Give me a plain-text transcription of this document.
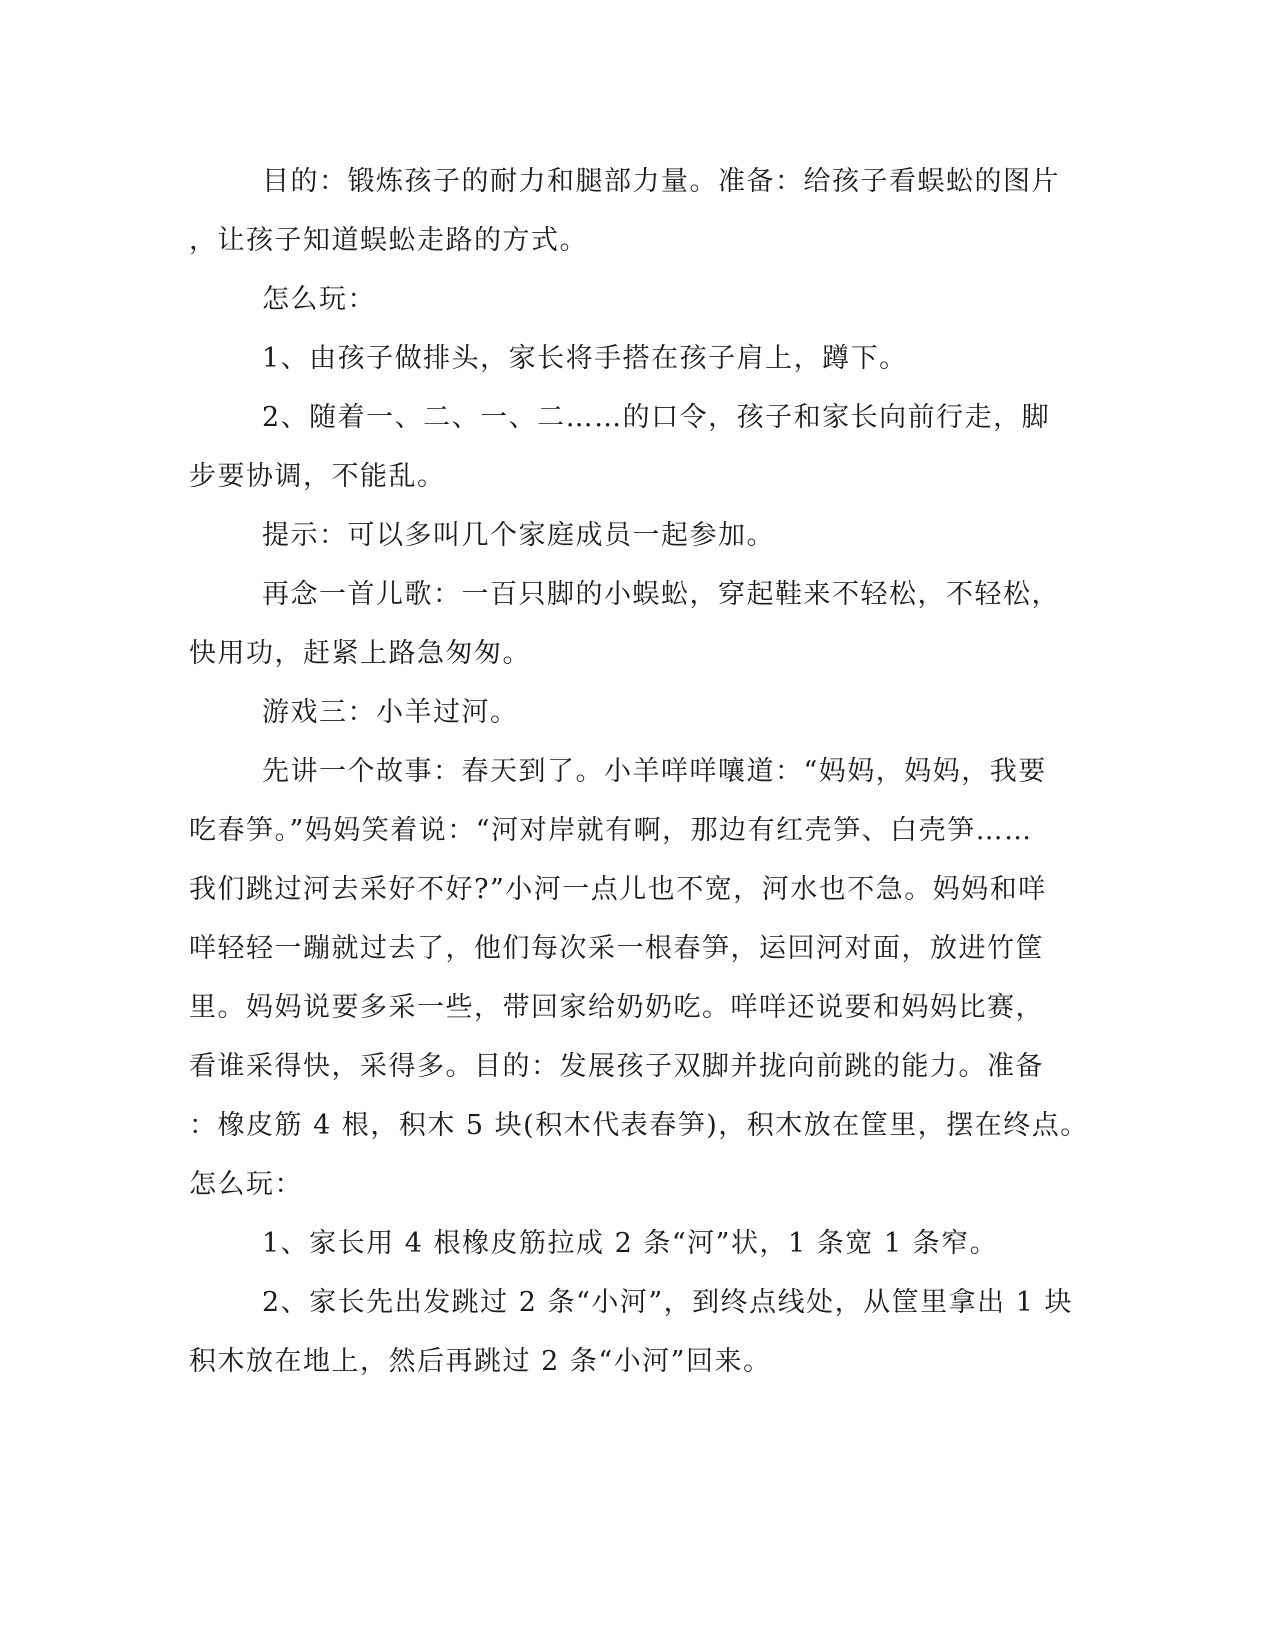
目的：锻炼孩子的耐力和腿部力量。准备：给孩子看蜈蚣的图片
，让孩子知道蜈蚣走路的方式。
怎么玩：
1、由孩子做排头，家长将手搭在孩子肩上，蹲下。
2、随着一、二、一、二……的口令，孩子和家长向前行走，脚
步要协调，不能乱。
提示：可以多叫几个家庭成员一起参加。
再念一首儿歌：一百只脚的小蜈蚣，穿起鞋来不轻松，不轻松，
快用功，赶紧上路急匆匆。
游戏三：小羊过河。
先讲一个故事：春天到了。小羊咩咩嚷道：“妈妈，妈妈，我要
吃春笋。”妈妈笑着说：“河对岸就有啊，那边有红壳笋、白壳笋……
我们跳过河去采好不好?”小河一点儿也不宽，河水也不急。妈妈和咩
咩轻轻一蹦就过去了，他们每次采一根春笋，运回河对面，放进竹筐
里。妈妈说要多采一些，带回家给奶奶吃。咩咩还说要和妈妈比赛，
看谁采得快，采得多。目的：发展孩子双脚并拢向前跳的能力。准备
：橡皮筋 4 根，积木 5 块(积木代表春笋)，积木放在筐里，摆在终点。
怎么玩：
1、家长用 4 根橡皮筋拉成 2 条“河”状，1 条宽 1 条窄。
2、家长先出发跳过 2 条“小河”，到终点线处，从筐里拿出 1 块
积木放在地上，然后再跳过 2 条“小河”回来。
